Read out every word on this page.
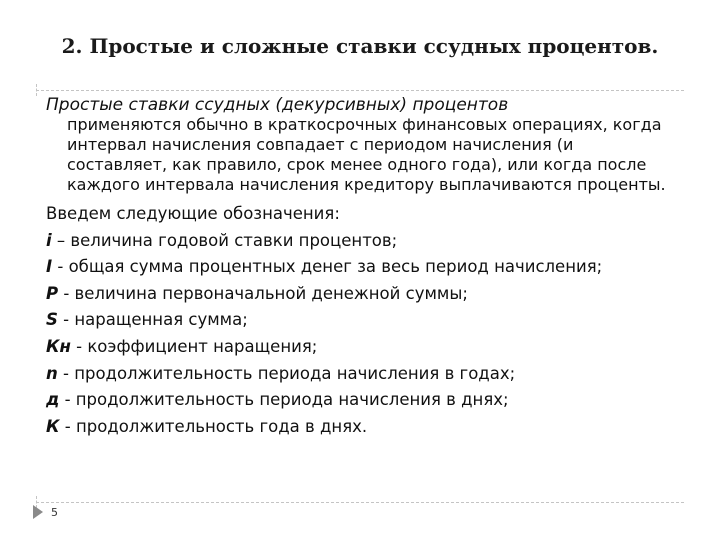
2. Простые и сложные ставки ссудных процентов.
Простые ставки ссудных (декурсивных) процентов
применяются обычно в краткосрочных финансовых операциях, когда интервал начисления совпадает с периодом начисления (и составляет, как правило, срок менее одного года), или когда после каждого интервала начисления кредитору выплачиваются проценты.
Введем следующие обозначения:
i – величина годовой ставки процентов;
I - общая сумма процентных денег за весь период начисления;
P - величина первоначальной денежной суммы;
S - наращенная сумма;
Кн - коэффициент наращения;
n - продолжительность периода начисления в годах;
д - продолжительность периода начисления в днях;
К - продолжительность года в днях.
5
